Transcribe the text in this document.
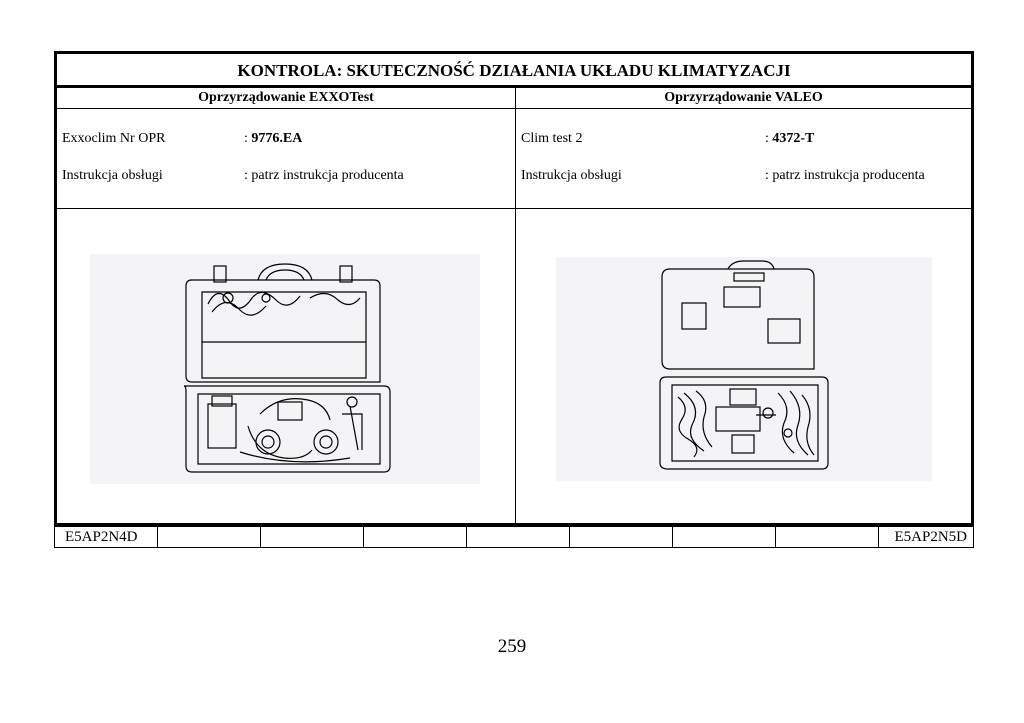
KONTROLA: SKUTECZNOŚĆ DZIAŁANIA UKŁADU KLIMATYZACJI
Oprzyrządowanie EXXOTest	Oprzyrządowanie VALEO
Exxoclim Nr OPR	: 9776.EA
Instrukcja obsługi	: patrz instrukcja producenta
Clim test 2	: 4372-T
Instrukcja obsługi	: patrz instrukcja producenta
E5AP2N4D	E5AP2N5D
259
